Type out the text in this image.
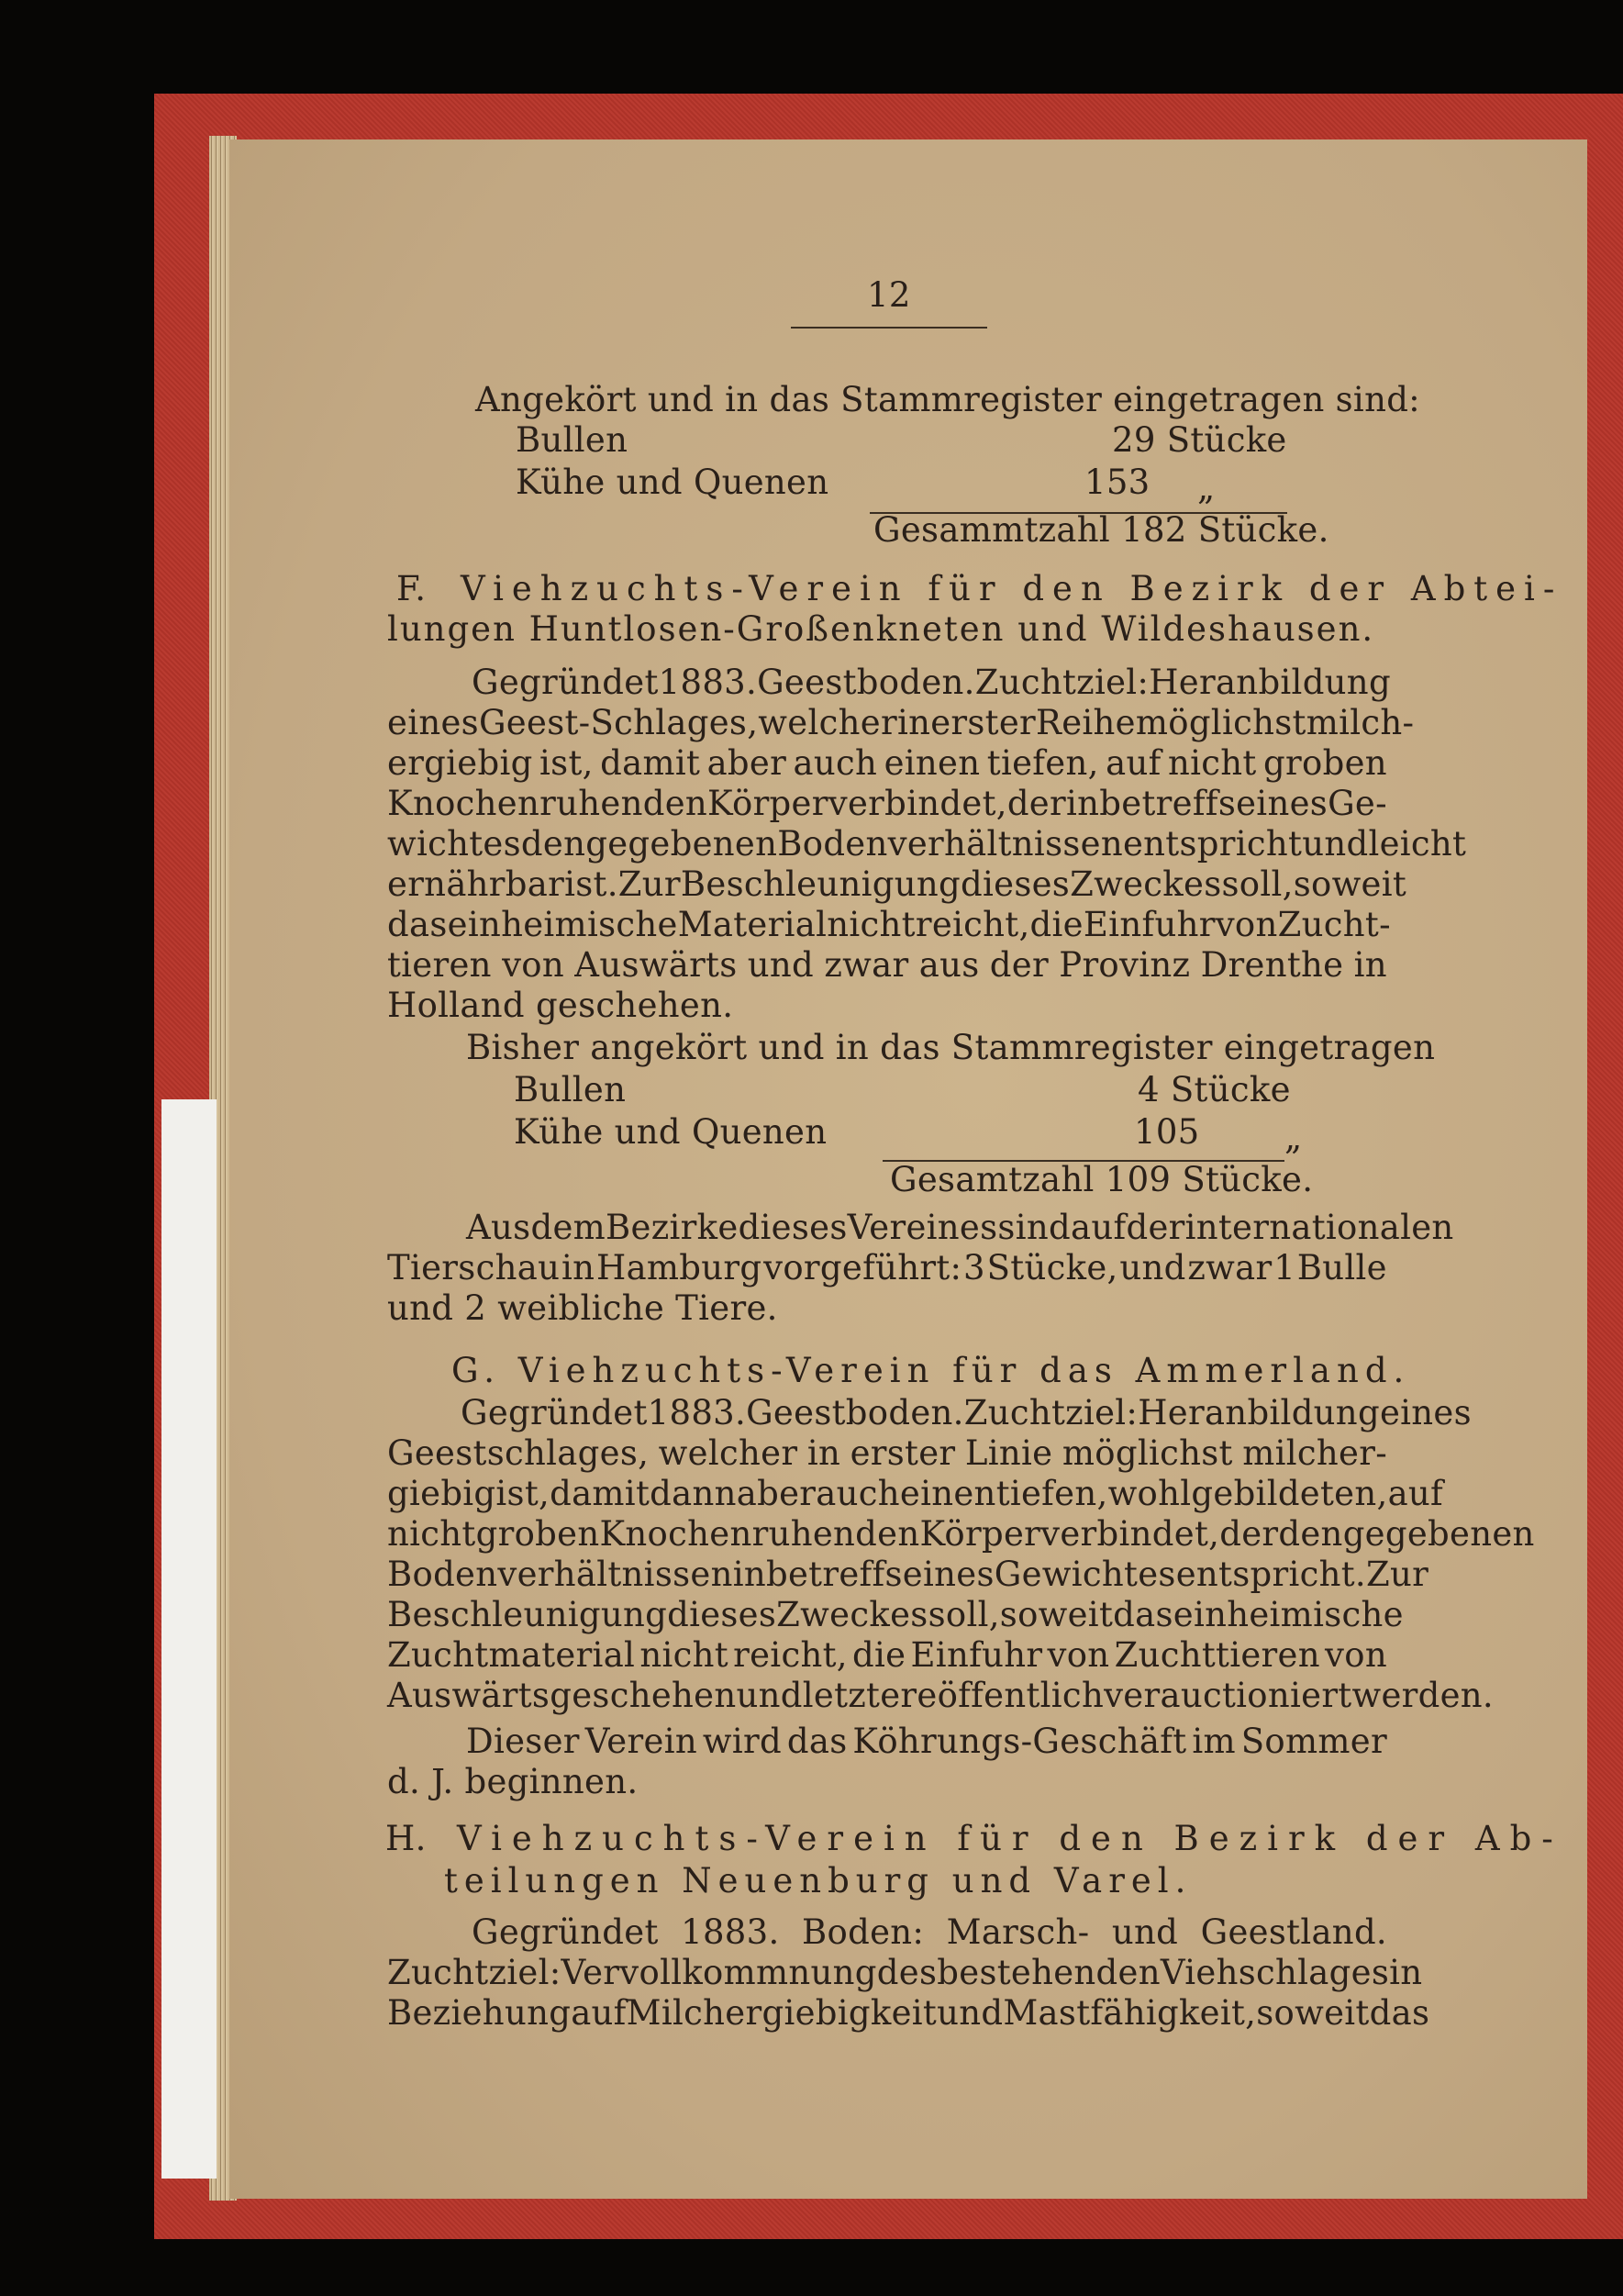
12
Angekört und in das Stammregister eingetragen sind:
Bullen	29 Stücke
Kühe und Quenen	153 „
Gesammtzahl 182 Stücke.
F. Viehzuchts-Verein für den Bezirk der Abtei-
lungen Huntlosen-Großenkneten und Wildeshausen.
Gegründet 1883. Geestboden. Zuchtziel: Heranbildung
eines Geest-Schlages, welcher in erster Reihe möglichst milch-
ergiebig ist, damit aber auch einen tiefen, auf nicht groben
Knochen ruhenden Körper verbindet, der in betreff seines Ge-
wichtes den gegebenen Bodenverhältnissen entspricht und leicht
ernährbar ist. Zur Beschleunigung dieses Zweckes soll, soweit
das einheimische Material nicht reicht, die Einfuhr von Zucht-
tieren von Auswärts und zwar aus der Provinz Drenthe in
Holland geschehen.
Bisher angekört und in das Stammregister eingetragen
Bullen	4 Stücke
Kühe und Quenen	105 „
Gesamtzahl 109 Stücke.
Aus dem Bezirke dieses Vereines sind auf der internationalen
Tierschau in Hamburg vorgeführt: 3 Stücke, und zwar 1 Bulle
und 2 weibliche Tiere.
G. Viehzuchts-Verein für das Ammerland.
Gegründet 1883. Geestboden. Zuchtziel: Heranbildung eines
Geestschlages, welcher in erster Linie möglichst milcher-
giebig ist, damit dann aber auch einen tiefen, wohlgebildeten, auf
nicht groben Knochen ruhenden Körper verbindet, der den gegebenen
Bodenverhältnissen in betreff seines Gewichtes entspricht. Zur
Beschleunigung dieses Zweckes soll, soweit das einheimische
Zuchtmaterial nicht reicht, die Einfuhr von Zuchttieren von
Auswärts geschehen und letztere öffentlich verauctioniert werden.
Dieser Verein wird das Köhrungs-Geschäft im Sommer
d. J. beginnen.
H. Viehzuchts-Verein für den Bezirk der Ab-
teilungen Neuenburg und Varel.
Gegründet 1883. Boden: Marsch- und Geestland.
Zuchtziel: Vervollkommnung des bestehenden Viehschlages in
Beziehung auf Milchergiebigkeit und Mastfähigkeit, soweit das
